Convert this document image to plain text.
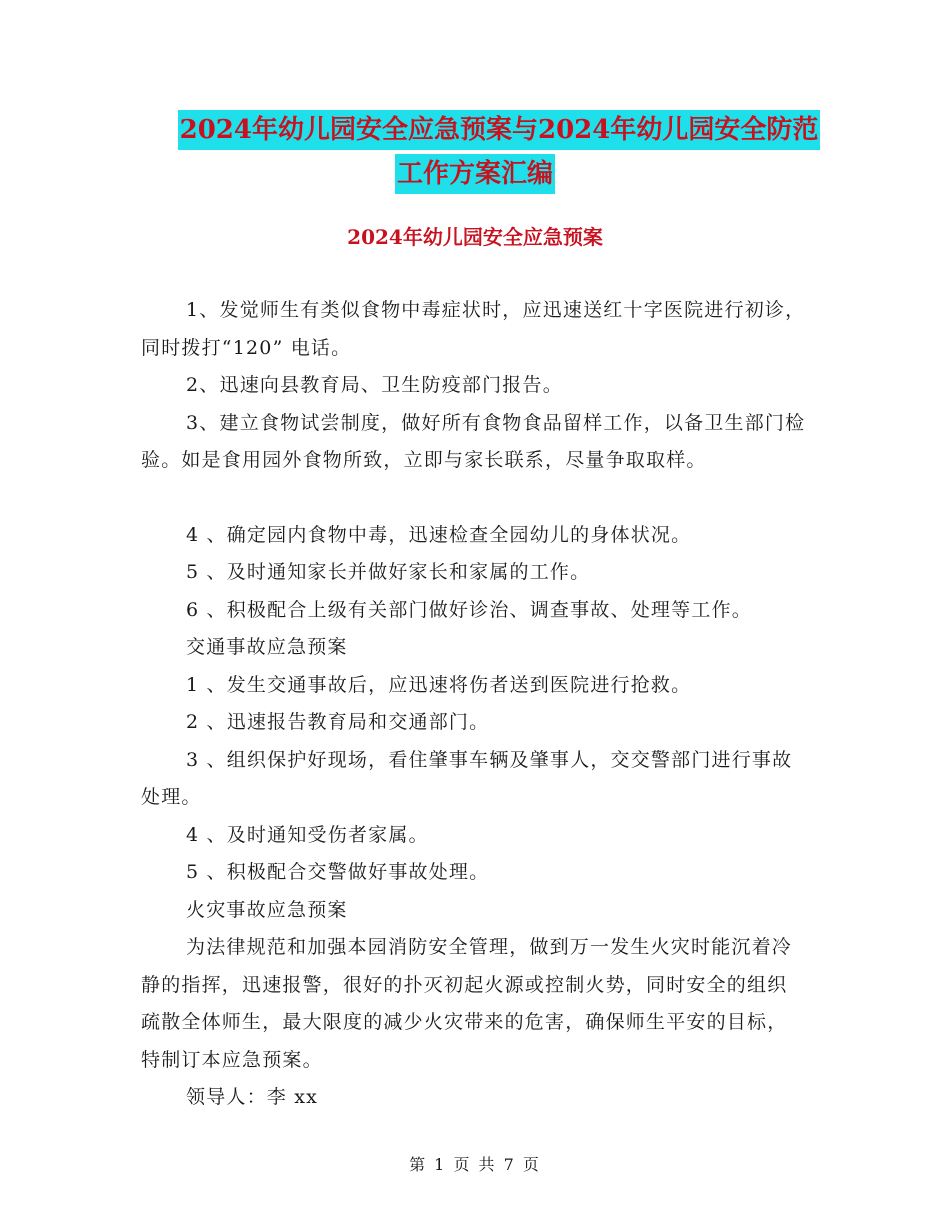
2024年幼儿园安全应急预案与2024年幼儿园安全防范
工作方案汇编
2024年幼儿园安全应急预案

1、发觉师生有类似食物中毒症状时，应迅速送红十字医院进行初诊，同时拨打“120” 电话。

2、迅速向县教育局、卫生防疫部门报告。

3、建立食物试尝制度，做好所有食物食品留样工作，以备卫生部门检验。如是食用园外食物所致，立即与家长联系，尽量争取取样。

4 、确定园内食物中毒，迅速检查全园幼儿的身体状况。

5 、及时通知家长并做好家长和家属的工作。

6 、积极配合上级有关部门做好诊治、调查事故、处理等工作。

交通事故应急预案

1 、发生交通事故后，应迅速将伤者送到医院进行抢救。

2 、迅速报告教育局和交通部门。

3 、组织保护好现场，看住肇事车辆及肇事人，交交警部门进行事故处理。

4 、及时通知受伤者家属。

5 、积极配合交警做好事故处理。

火灾事故应急预案

为法律规范和加强本园消防安全管理，做到万一发生火灾时能沉着冷静的指挥，迅速报警，很好的扑灭初起火源或控制火势，同时安全的组织疏散全体师生，最大限度的减少火灾带来的危害，确保师生平安的目标，特制订本应急预案。

领导人：李 xx

第 1 页 共 7 页
